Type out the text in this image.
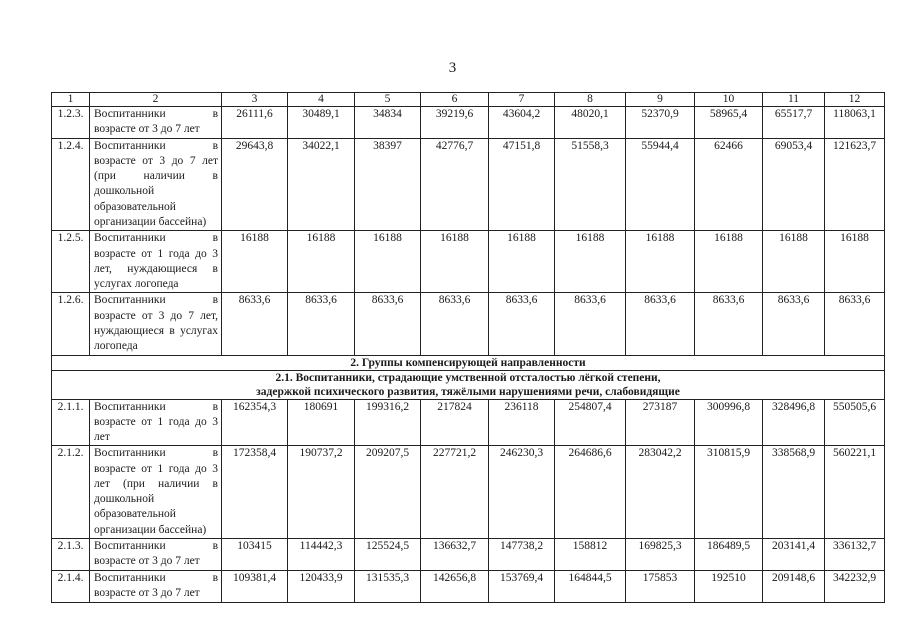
3
1	2	3	4	5	6	7	8	9	10	11	12
1.2.3.	Воспитанники в возрасте от 3 до 7 лет	26111,6	30489,1	34834	39219,6	43604,2	48020,1	52370,9	58965,4	65517,7	118063,1
1.2.4.	Воспитанники в возрасте от 3 до 7 лет (при наличии в дошкольной образовательной организации бассейна)	29643,8	34022,1	38397	42776,7	47151,8	51558,3	55944,4	62466	69053,4	121623,7
1.2.5.	Воспитанники в возрасте от 1 года до 3 лет, нуждающиеся в услугах логопеда	16188	16188	16188	16188	16188	16188	16188	16188	16188	16188
1.2.6.	Воспитанники в возрасте от 3 до 7 лет, нуждающиеся в услугах логопеда	8633,6	8633,6	8633,6	8633,6	8633,6	8633,6	8633,6	8633,6	8633,6	8633,6
2. Группы компенсирующей направленности											

2.1. Воспитанники, страдающие умственной отсталостью лёгкой степени,
задержкой психического развития, тяжёлыми нарушениями речи, слабовидящие											

2.1.1.	Воспитанники в возрасте от 1 года до 3 лет	162354,3	180691	199316,2	217824	236118	254807,4	273187	300996,8	328496,8	550505,6
2.1.2.	Воспитанники в возрасте от 1 года до 3 лет (при наличии в дошкольной образовательной организации бассейна)	172358,4	190737,2	209207,5	227721,2	246230,3	264686,6	283042,2	310815,9	338568,9	560221,1
2.1.3.	Воспитанники в возрасте от 3 до 7 лет	103415	114442,3	125524,5	136632,7	147738,2	158812	169825,3	186489,5	203141,4	336132,7
2.1.4.	Воспитанники в возрасте от 3 до 7 лет	109381,4	120433,9	131535,3	142656,8	153769,4	164844,5	175853	192510	209148,6	342232,9
